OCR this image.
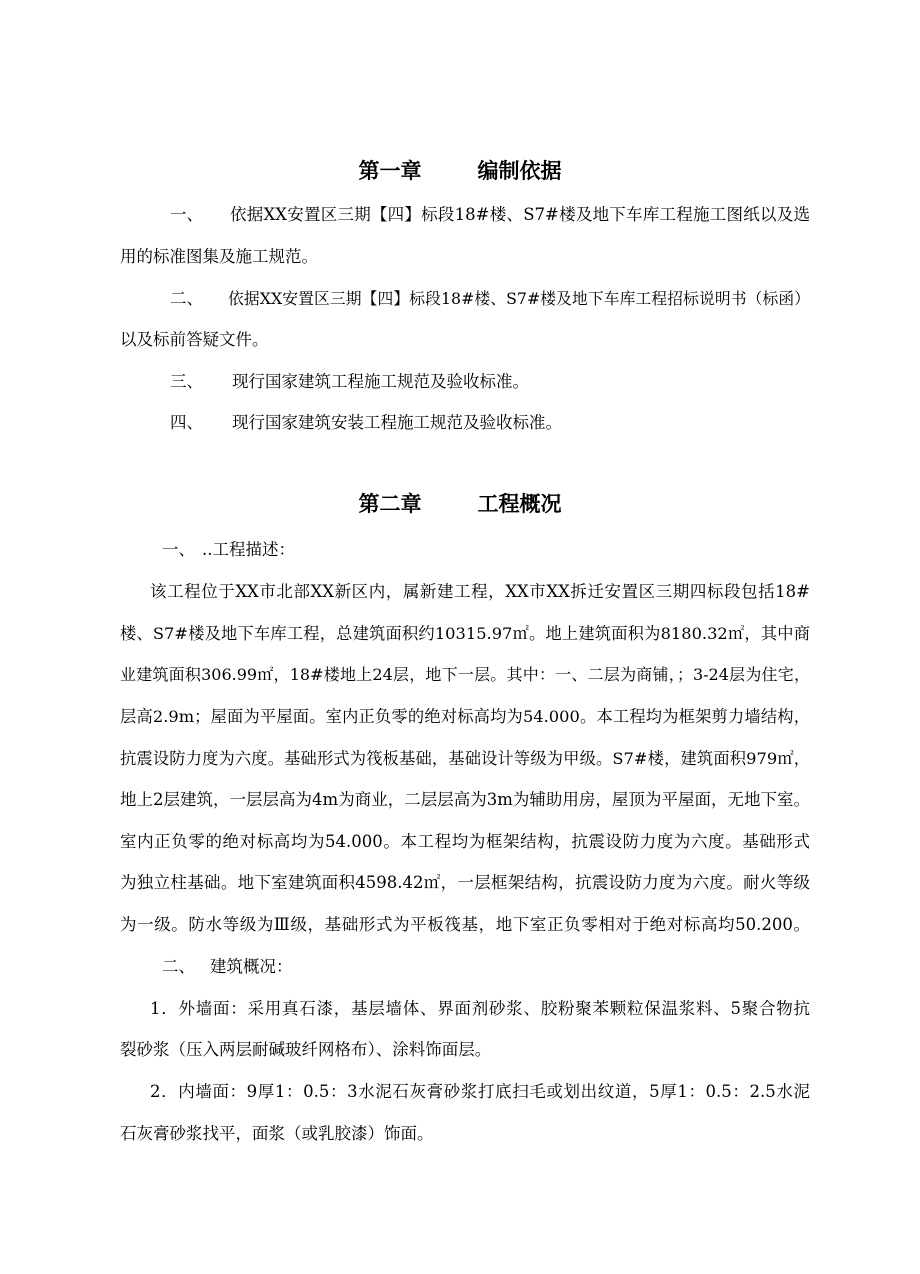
第一章	编制依据
一、 依据XX安置区三期【四】标段18#楼、S7#楼及地下车库工程施工图纸以及选
用的标准图集及施工规范。
二、 依据XX安置区三期【四】标段18#楼、S7#楼及地下车库工程招标说明书（标函）
以及标前答疑文件。
三、 现行国家建筑工程施工规范及验收标准。
四、 现行国家建筑安装工程施工规范及验收标准。
第二章	工程概况
一、 ..工程描述：
该工程位于XX市北部XX新区内，属新建工程，XX市XX拆迁安置区三期四标段包括18#
楼、S7#楼及地下车库工程，总建筑面积约10315.97㎡。地上建筑面积为8180.32㎡，其中商
业建筑面积306.99㎡，18#楼地上24层，地下一层。其中：一、二层为商铺，；3-24层为住宅，
层高2.9m；屋面为平屋面。室内正负零的绝对标高均为54.000。本工程均为框架剪力墙结构，
抗震设防力度为六度。基础形式为筏板基础，基础设计等级为甲级。S7#楼，建筑面积979㎡，
地上2层建筑，一层层高为4m为商业，二层层高为3m为辅助用房，屋顶为平屋面，无地下室。
室内正负零的绝对标高均为54.000。本工程均为框架结构，抗震设防力度为六度。基础形式
为独立柱基础。地下室建筑面积4598.42㎡，一层框架结构，抗震设防力度为六度。耐火等级
为一级。防水等级为Ⅲ级，基础形式为平板筏基，地下室正负零相对于绝对标高均50.200。
二、 建筑概况：
1．外墙面：采用真石漆，基层墙体、界面剂砂浆、胶粉聚苯颗粒保温浆料、5聚合物抗
裂砂浆（压入两层耐碱玻纤网格布）、涂料饰面层。
2．内墙面：9厚1：0.5：3水泥石灰膏砂浆打底扫毛或划出纹道，5厚1：0.5：2.5水泥
石灰膏砂浆找平，面浆（或乳胶漆）饰面。
